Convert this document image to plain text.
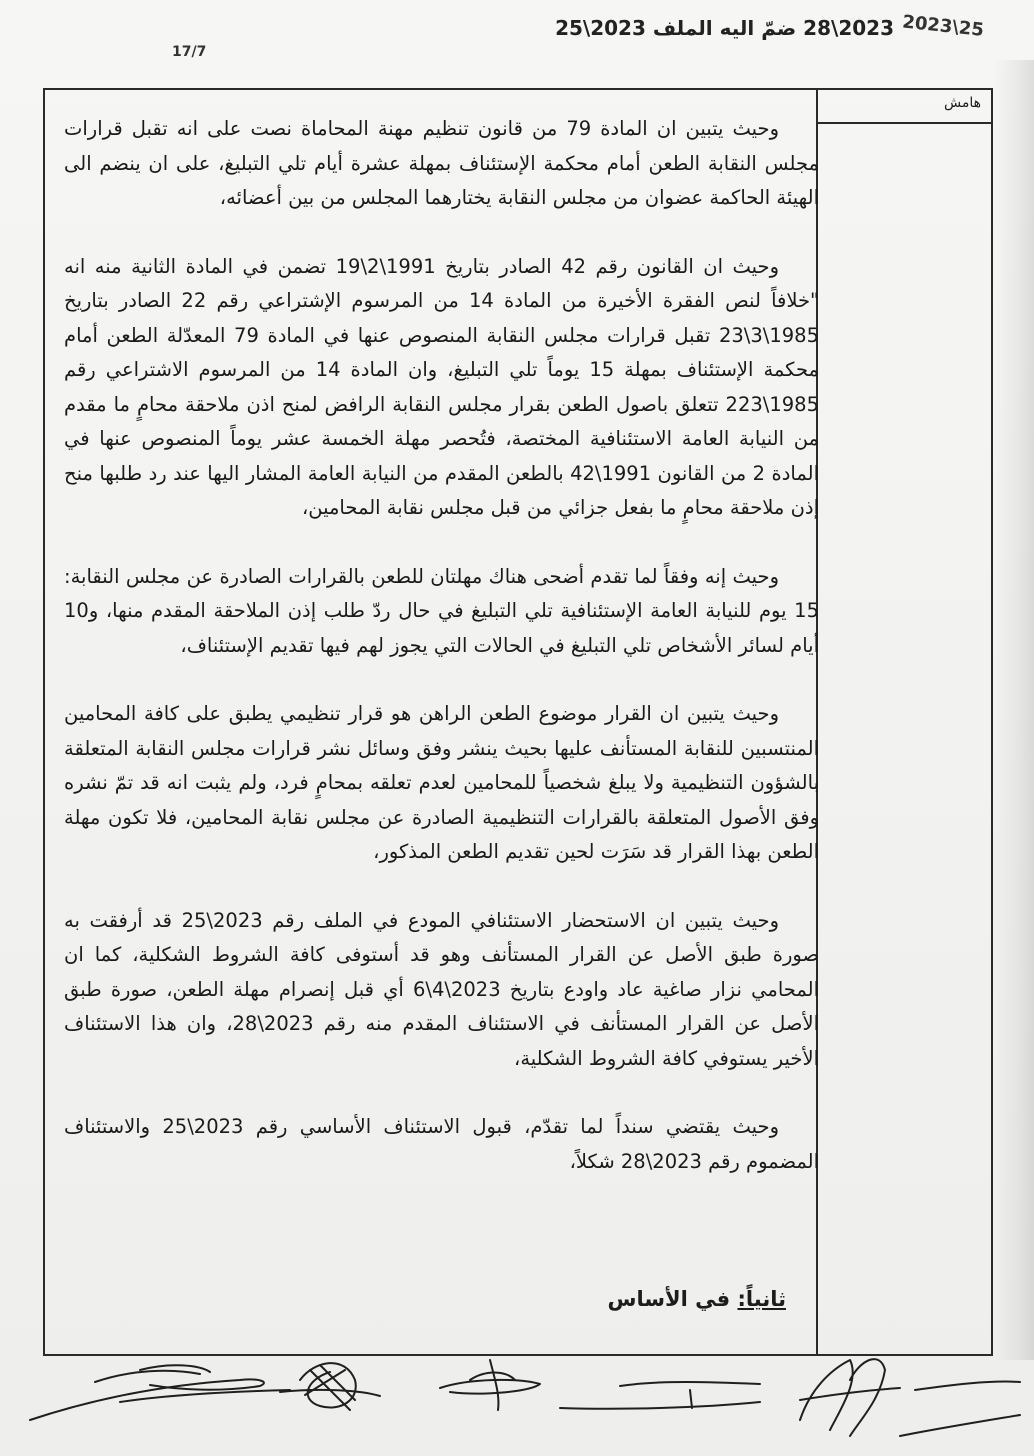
2023\28 ضمّ اليه الملف 2023\25 2023\25
17/7
هامش

وحيث يتبين ان المادة 79 من قانون تنظيم مهنة المحاماة نصت على انه تقبل قرارات مجلس النقابة الطعن أمام محكمة الإستئناف بمهلة عشرة أيام تلي التبليغ، على ان ينضم الى الهيئة الحاكمة عضوان من مجلس النقابة يختارهما المجلس من بين أعضائه،

وحيث ان القانون رقم 42 الصادر بتاريخ 1991\2\19 تضمن في المادة الثانية منه انه "خلافاً لنص الفقرة الأخيرة من المادة 14 من المرسوم الإشتراعي رقم 22 الصادر بتاريخ 1985\3\23 تقبل قرارات مجلس النقابة المنصوص عنها في المادة 79 المعدّلة الطعن أمام محكمة الإستئناف بمهلة 15 يوماً تلي التبليغ، وان المادة 14 من المرسوم الاشتراعي رقم 1985\223 تتعلق باصول الطعن بقرار مجلس النقابة الرافض لمنح اذن ملاحقة محامٍ ما مقدم من النيابة العامة الاستئنافية المختصة، فتُحصر مهلة الخمسة عشر يوماً المنصوص عنها في المادة 2 من القانون 1991\42 بالطعن المقدم من النيابة العامة المشار اليها عند رد طلبها منح إذن ملاحقة محامٍ ما بفعل جزائي من قبل مجلس نقابة المحامين،

وحيث إنه وفقاً لما تقدم أضحى هناك مهلتان للطعن بالقرارات الصادرة عن مجلس النقابة: 15 يوم للنيابة العامة الإستئنافية تلي التبليغ في حال ردّ طلب إذن الملاحقة المقدم منها، و10 أيام لسائر الأشخاص تلي التبليغ في الحالات التي يجوز لهم فيها تقديم الإستئناف،

وحيث يتبين ان القرار موضوع الطعن الراهن هو قرار تنظيمي يطبق على كافة المحامين المنتسبين للنقابة المستأنف عليها بحيث ينشر وفق وسائل نشر قرارات مجلس النقابة المتعلقة بالشؤون التنظيمية ولا يبلغ شخصياً للمحامين لعدم تعلقه بمحامٍ فرد، ولم يثبت انه قد تمّ نشره وفق الأصول المتعلقة بالقرارات التنظيمية الصادرة عن مجلس نقابة المحامين، فلا تكون مهلة الطعن بهذا القرار قد سَرَت لحين تقديم الطعن المذكور،

وحيث يتبين ان الاستحضار الاستئنافي المودع في الملف رقم 2023\25 قد أرفقت به صورة طبق الأصل عن القرار المستأنف وهو قد أستوفى كافة الشروط الشكلية، كما ان المحامي نزار صاغية عاد واودع بتاريخ 2023\4\6 أي قبل إنصرام مهلة الطعن، صورة طبق الأصل عن القرار المستأنف في الاستئناف المقدم منه رقم 2023\28، وان هذا الاستئناف الأخير يستوفي كافة الشروط الشكلية،

وحيث يقتضي سنداً لما تقدّم، قبول الاستئناف الأساسي رقم 2023\25 والاستئناف المضموم رقم 2023\28 شكلاً،

ثانياً: في الأساس
